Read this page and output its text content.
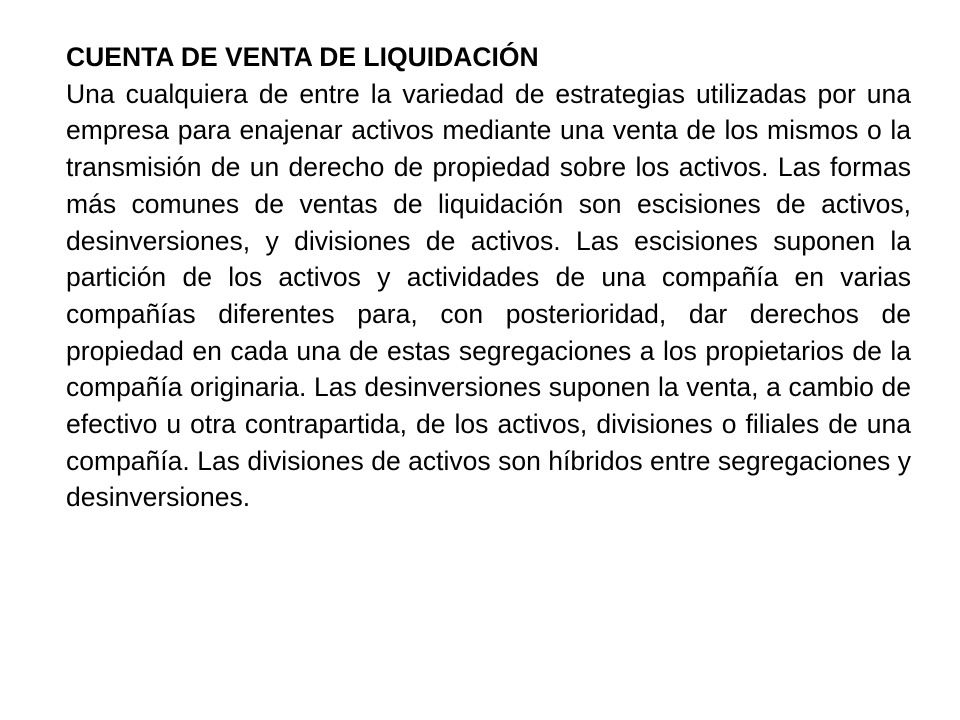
CUENTA DE VENTA DE LIQUIDACIÓN

Una cualquiera de entre la variedad de estrategias utilizadas por una empresa para enajenar activos mediante una venta de los mismos o la transmisión de un derecho de propiedad sobre los activos. Las formas más comunes de ventas de liquidación son escisiones de activos, desinversiones, y divisiones de activos. Las escisiones suponen la partición de los activos y actividades de una compañía en varias compañías diferentes para, con posterioridad, dar derechos de propiedad en cada una de estas segregaciones a los propietarios de la compañía originaria. Las desinversiones suponen la venta, a cambio de efectivo u otra contrapartida, de los activos, divisiones o filiales de una compañía. Las divisiones de activos son híbridos entre segregaciones y desinversiones.
